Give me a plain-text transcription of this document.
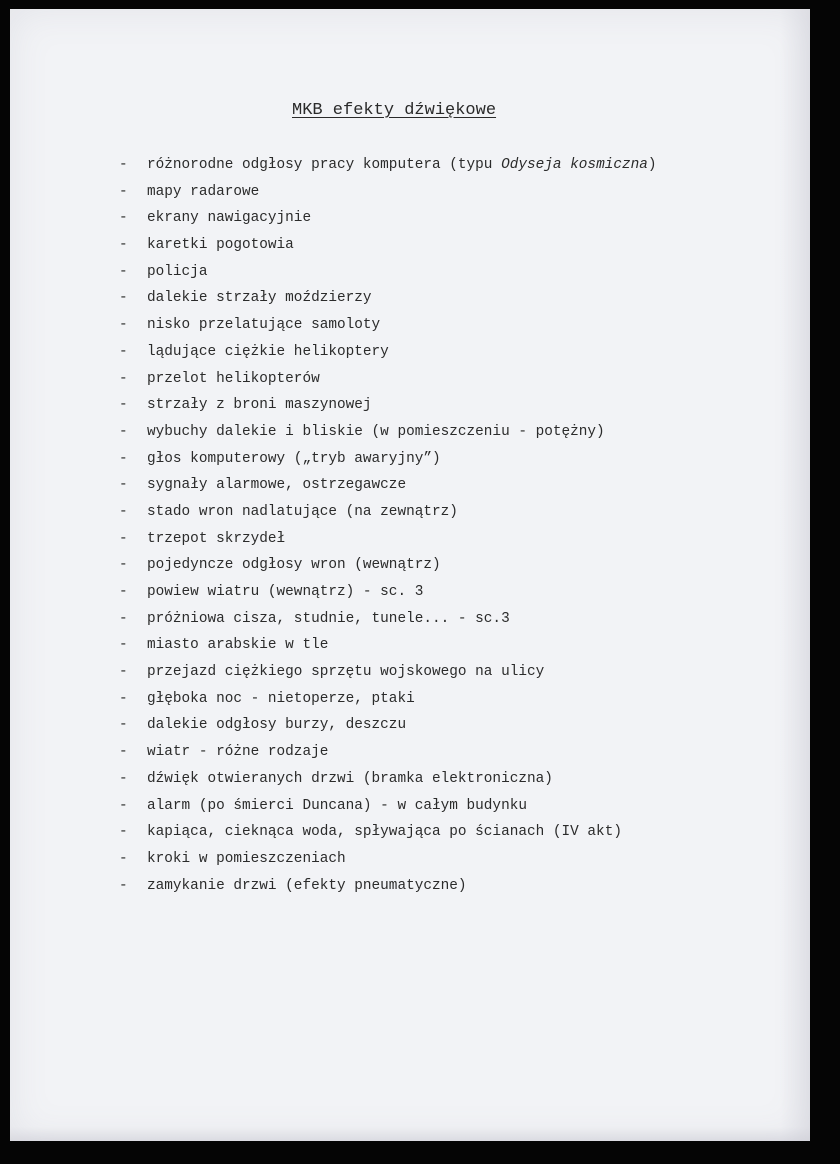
MKB efekty dźwiękowe
- różnorodne odgłosy pracy komputera (typu Odyseja kosmiczna)
- mapy radarowe
- ekrany nawigacyjnie
- karetki pogotowia
- policja
- dalekie strzały moździerzy
- nisko przelatujące samoloty
- lądujące ciężkie helikoptery
- przelot helikopterów
- strzały z broni maszynowej
- wybuchy dalekie i bliskie (w pomieszczeniu - potężny)
- głos komputerowy („tryb awaryjny”)
- sygnały alarmowe, ostrzegawcze
- stado wron nadlatujące (na zewnątrz)
- trzepot skrzydeł
- pojedyncze odgłosy wron (wewnątrz)
- powiew wiatru (wewnątrz) - sc. 3
- próżniowa cisza, studnie, tunele... - sc.3
- miasto arabskie w tle
- przejazd ciężkiego sprzętu wojskowego na ulicy
- głęboka noc - nietoperze, ptaki
- dalekie odgłosy burzy, deszczu
- wiatr - różne rodzaje
- dźwięk otwieranych drzwi (bramka elektroniczna)
- alarm (po śmierci Duncana) - w całym budynku
- kapiąca, cieknąca woda, spływająca po ścianach (IV akt)
- kroki w pomieszczeniach
- zamykanie drzwi (efekty pneumatyczne)
